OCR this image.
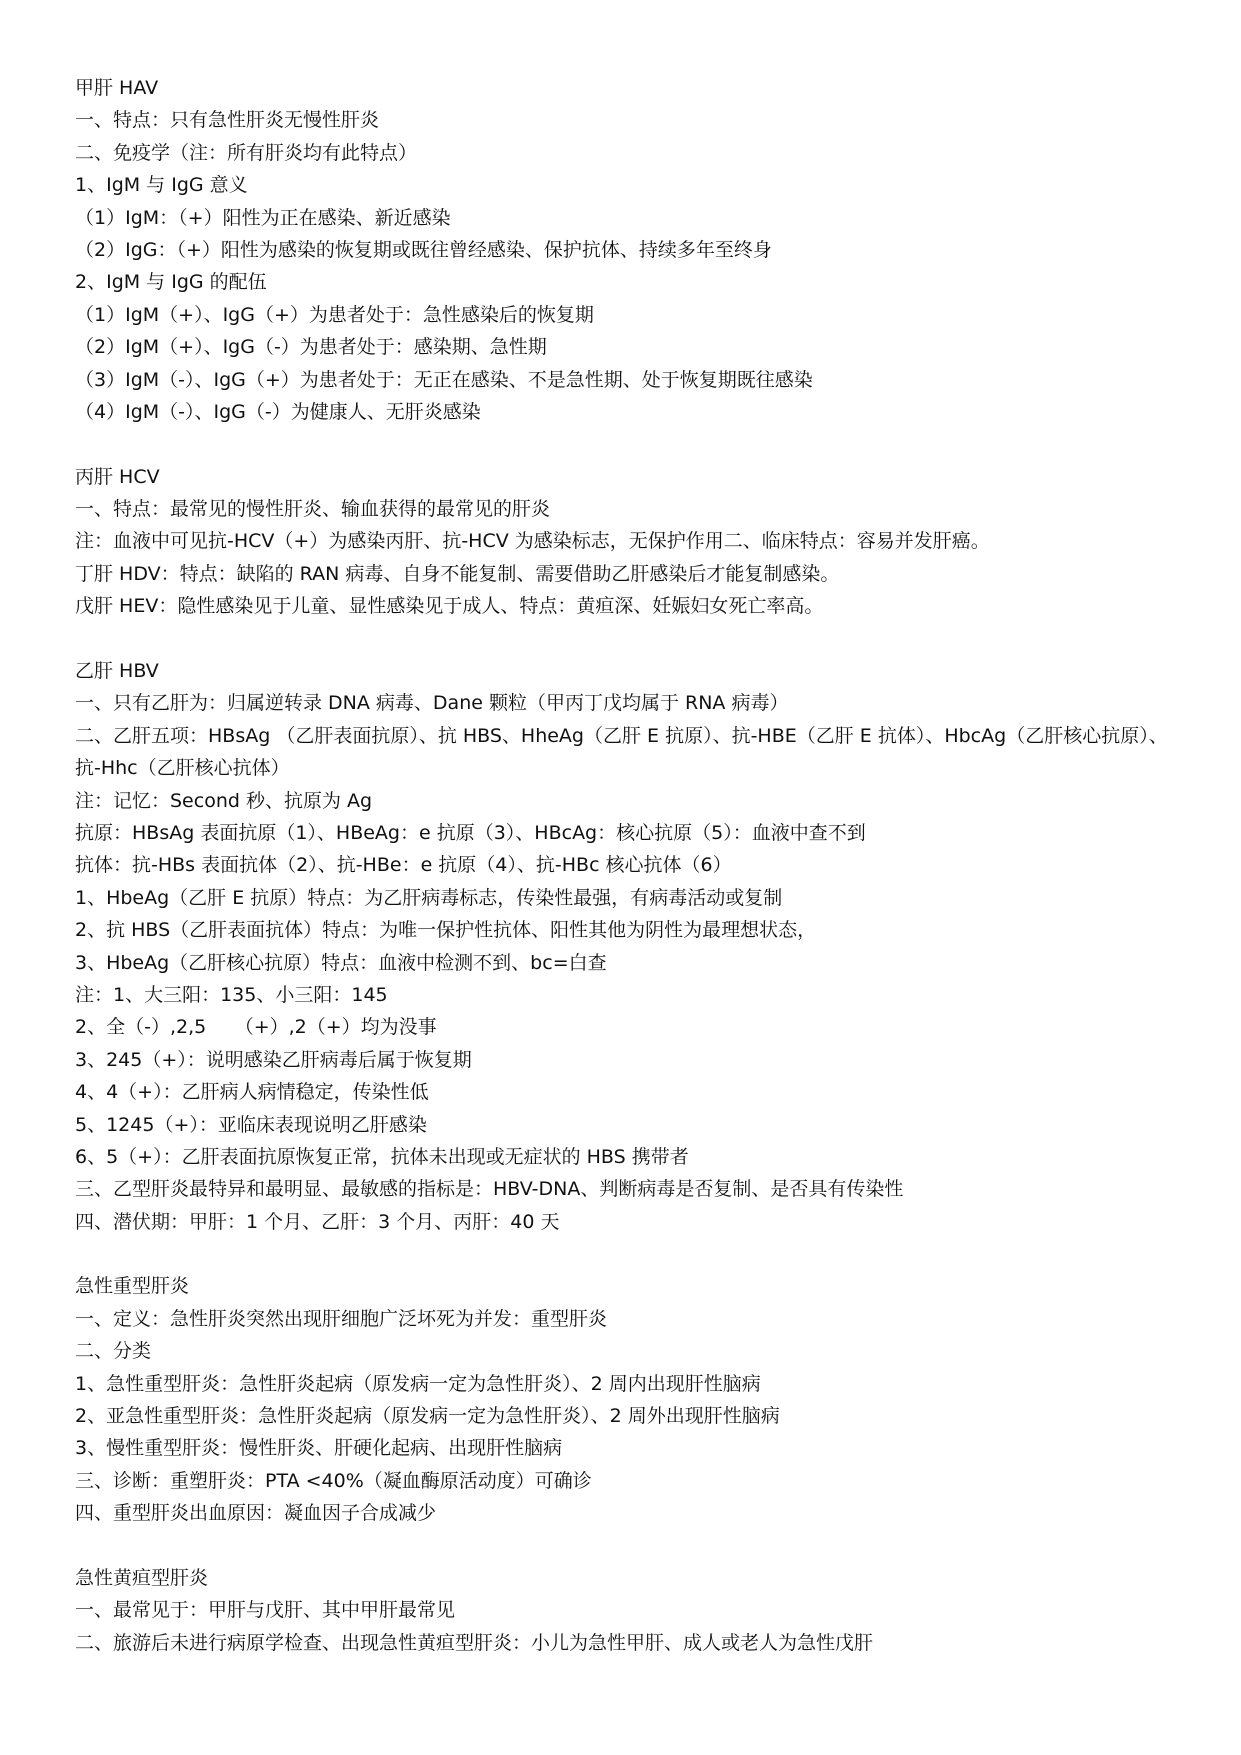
甲肝 HAV
一、特点：只有急性肝炎无慢性肝炎
二、免疫学（注：所有肝炎均有此特点）
1、IgM 与 IgG 意义
（1）IgM：（+）阳性为正在感染、新近感染
（2）IgG：（+）阳性为感染的恢复期或既往曾经感染、保护抗体、持续多年至终身
2、IgM 与 IgG 的配伍
（1）IgM（+）、IgG（+）为患者处于：急性感染后的恢复期
（2）IgM（+）、IgG（-）为患者处于：感染期、急性期
（3）IgM（-）、IgG（+）为患者处于：无正在感染、不是急性期、处于恢复期既往感染
（4）IgM（-）、IgG（-）为健康人、无肝炎感染
丙肝 HCV
一、特点：最常见的慢性肝炎、输血获得的最常见的肝炎
注：血液中可见抗-HCV（+）为感染丙肝、抗-HCV 为感染标志，无保护作用二、临床特点：容易并发肝癌。
丁肝 HDV：特点：缺陷的 RAN 病毒、自身不能复制、需要借助乙肝感染后才能复制感染。
戊肝 HEV：隐性感染见于儿童、显性感染见于成人、特点：黄疸深、妊娠妇女死亡率高。
乙肝 HBV
一、只有乙肝为：归属逆转录 DNA 病毒、Dane 颗粒（甲丙丁戊均属于 RNA 病毒）
二、乙肝五项：HBsAg （乙肝表面抗原）、抗 HBS、HheAg（乙肝 E 抗原）、抗-HBE（乙肝 E 抗体）、HbcAg（乙肝核心抗原）、抗-Hhc（乙肝核心抗体）
注：记忆：Second 秒、抗原为 Ag
抗原：HBsAg 表面抗原（1）、HBeAg：e 抗原（3）、HBcAg：核心抗原（5）：血液中查不到
抗体：抗-HBs 表面抗体（2）、抗-HBe：e 抗原（4）、抗-HBc 核心抗体（6）
1、HbeAg（乙肝 E 抗原）特点：为乙肝病毒标志，传染性最强，有病毒活动或复制
2、抗 HBS（乙肝表面抗体）特点：为唯一保护性抗体、阳性其他为阴性为最理想状态，
3、HbeAg（乙肝核心抗原）特点：血液中检测不到、bc=白查
注：1、大三阳：135、小三阳：145
2、全（-）,2,5　　（+）,2（+）均为没事
3、245（+）：说明感染乙肝病毒后属于恢复期
4、4（+）：乙肝病人病情稳定，传染性低
5、1245（+）：亚临床表现说明乙肝感染
6、5（+）：乙肝表面抗原恢复正常，抗体未出现或无症状的 HBS 携带者
三、乙型肝炎最特异和最明显、最敏感的指标是：HBV-DNA、判断病毒是否复制、是否具有传染性
四、潜伏期：甲肝：1 个月、乙肝：3 个月、丙肝：40 天
急性重型肝炎
一、定义：急性肝炎突然出现肝细胞广泛坏死为并发：重型肝炎
二、分类
1、急性重型肝炎：急性肝炎起病（原发病一定为急性肝炎）、2 周内出现肝性脑病
2、亚急性重型肝炎：急性肝炎起病（原发病一定为急性肝炎）、2 周外出现肝性脑病
3、慢性重型肝炎：慢性肝炎、肝硬化起病、出现肝性脑病
三、诊断：重塑肝炎：PTA <40%（凝血酶原活动度）可确诊
四、重型肝炎出血原因：凝血因子合成减少
急性黄疸型肝炎
一、最常见于：甲肝与戊肝、其中甲肝最常见
二、旅游后未进行病原学检查、出现急性黄疸型肝炎：小儿为急性甲肝、成人或老人为急性戊肝
